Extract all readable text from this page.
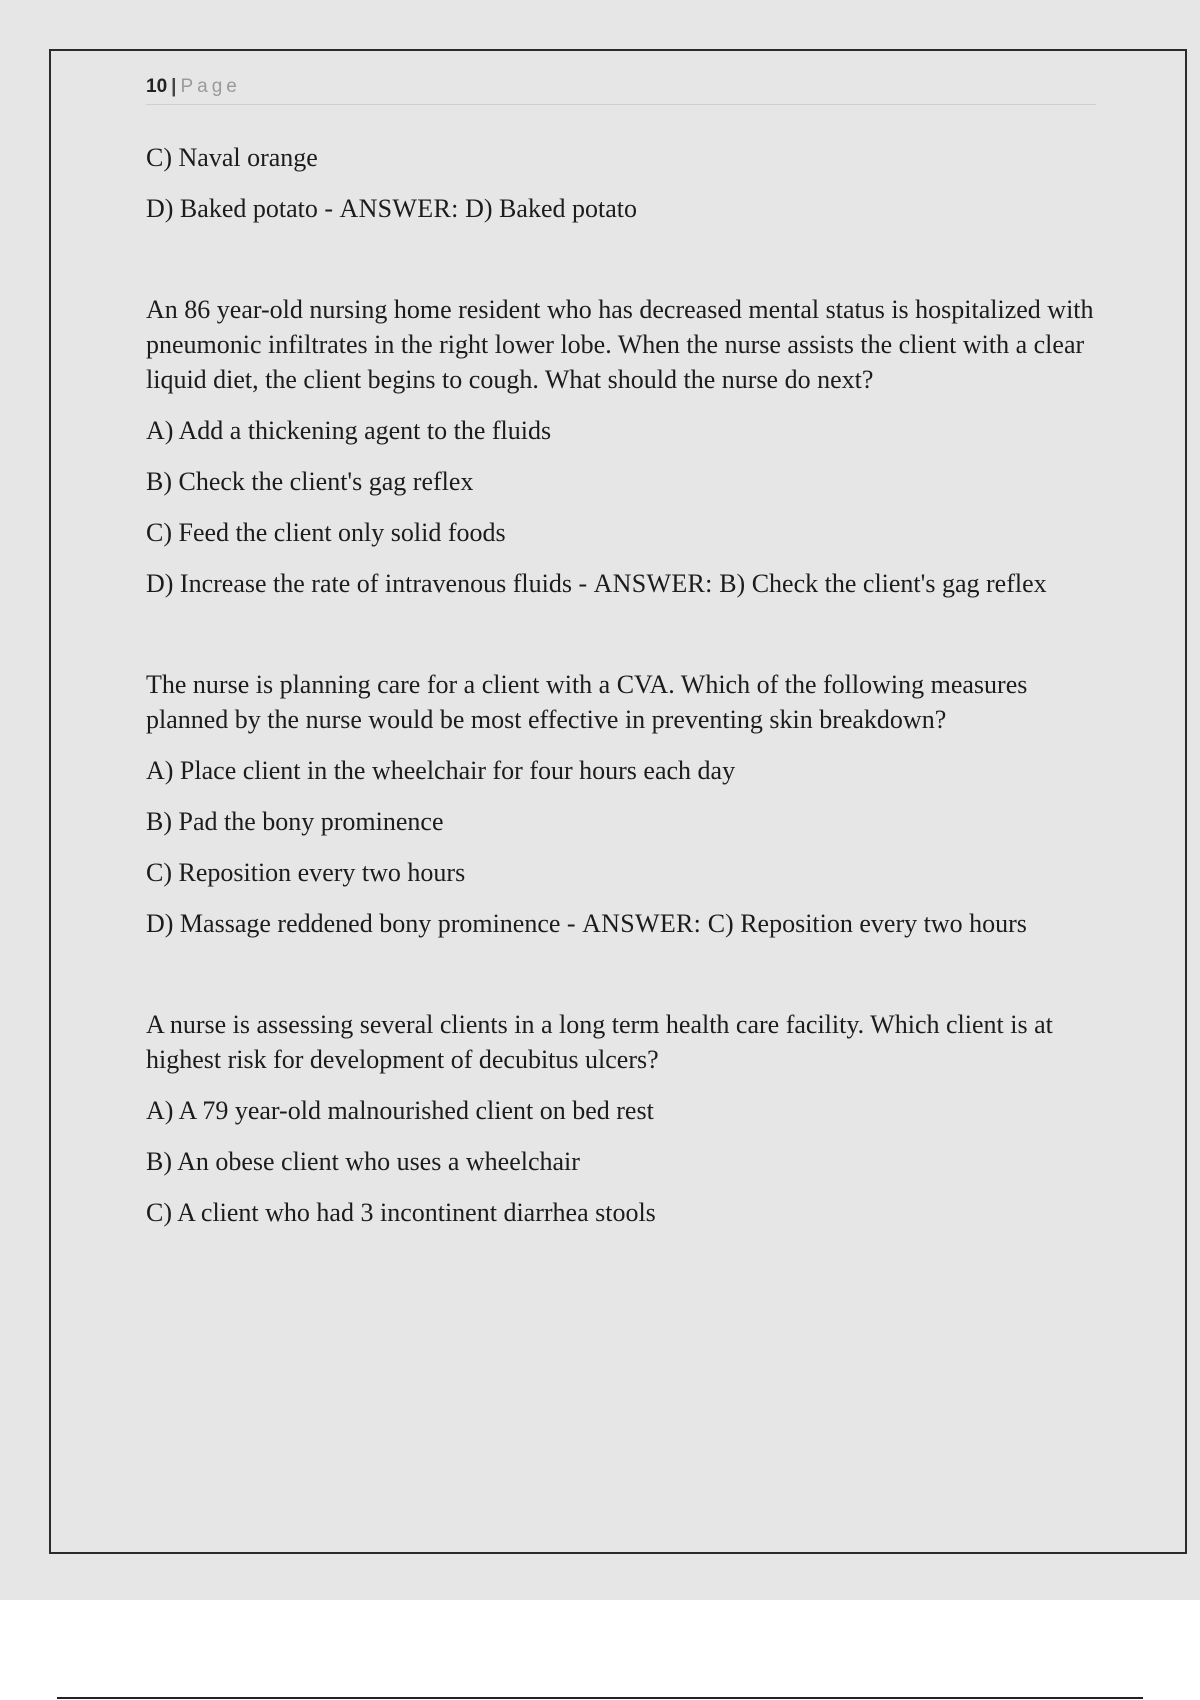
10 | Page

C) Naval orange

D) Baked potato - ANSWER: D) Baked potato

An 86 year-old nursing home resident who has decreased mental status is hospitalized with pneumonic infiltrates in the right lower lobe. When the nurse assists the client with a clear liquid diet, the client begins to cough. What should the nurse do next?

A) Add a thickening agent to the fluids

B) Check the client's gag reflex

C) Feed the client only solid foods

D) Increase the rate of intravenous fluids - ANSWER: B) Check the client's gag reflex

The nurse is planning care for a client with a CVA. Which of the following measures planned by the nurse would be most effective in preventing skin breakdown?

A) Place client in the wheelchair for four hours each day

B) Pad the bony prominence

C) Reposition every two hours

D) Massage reddened bony prominence - ANSWER: C) Reposition every two hours

A nurse is assessing several clients in a long term health care facility. Which client is at highest risk for development of decubitus ulcers?

A) A 79 year-old malnourished client on bed rest

B) An obese client who uses a wheelchair

C) A client who had 3 incontinent diarrhea stools
